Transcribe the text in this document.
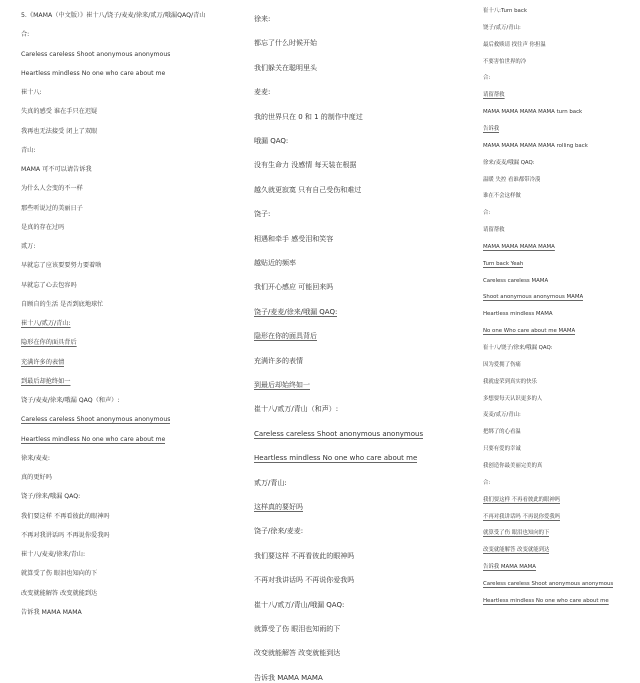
5.《MAMA（中文版）》崔十八/饶子/麦麦/徐来/贰万/哦漏QAQ/青山
合:
Careless careless Shoot anonymous anonymous
Heartless mindless No one who care about me
崔十八:
失真的感受 谁在手只在迟疑
我再也无法接受 闭上了双眼
青山:
MAMA 可不可以请告诉我
为什么人会变的不一样
那些听说过的美丽日子
是真的存在过吗
贰万:
早就忘了应该要要努力要着啥
早就忘了心去包容吗
自顾自的生活 是否到底地球忙
崔十八/贰万/青山:
隐形在你的面具背后
充满许多的表情
到最后却抢终如一
饶子/麦麦/徐来/哦漏 QAQ（和声）:
Careless careless Shoot anonymous anonymous
Heartless mindless No one who care about me
徐来/麦麦:
真的更好吗
饶子/徐来/哦漏 QAQ:
我们要这样 不再看彼此的眼神吗
不再对我讲话吗 不再说你爱我吗
崔十八/麦麦/徐来/青山:
就算受了伤 眼泪也知向的下
改变就能解答 改变就能到达
告诉我 MAMA MAMA
徐来:
都忘了什么时候开始
我们躲关在聪明里头
麦麦:
我的世界只在 0 和 1 的制作中度过
哦漏 QAQ:
没有生命力 没感情 每天装在根据
越久就更寂寞 只有自己受伤和难过
饶子:
相遇和牵手 感受泪和笑容
越贴近的频率
我们开心感应 可能回来吗
饶子/麦麦/徐来/哦漏 QAQ:
隐形在你的面具背后
充满许多的表情
到最后却始终如一
崔十八/贰万/青山（和声）:
Careless careless Shoot anonymous anonymous
Heartless mindless No one who care about me
贰万/青山:
这样真的要好吗
饶子/徐来/麦麦:
我们要这样 不再看彼此的眼神吗
不再对我讲话吗 不再说你爱我吗
崔十八/贰万/青山/哦漏 QAQ:
就算受了伤 眼泪也知雨的下
改变就能解答 改变就能到达
告诉我 MAMA MAMA
崔十八:Turn back
饶子/贰万/青山:
最后救赎请 找往声 你担温
不要害怕世界的冷
合:
请留帮救
MAMA MAMA MAMA MAMA turn back
告诉我
MAMA MAMA MAMA MAMA rolling back
徐来/麦麦/哦漏 QAQ:
温暖 失控 看谁都带冷漠
谁在不会这样做
合:
请留帮救
MAMA MAMA MAMA MAMA
Turn back Yeah
Careless careless MAMA
Shoot anonymous anonymous MAMA
Heartless mindless MAMA
No one Who care about me MAMA
崔十八/饶子/徐来/哦漏 QAQ:
因为爱拥了伤痛
我就虚荣到真实的快乐
多想要每天认识更多的人
麦麦/贰万/青山:
把绑了的心看温
只要有爱的幸诚
我创造你最美丽完美的真
合:
我们要这样 不再看彼此的眼神吗
不再对我讲话吗 不再说你爱我吗
就算受了伤 眼泪也知向的下
改变就能解答 改变就能到达
告诉我 MAMA MAMA
Careless careless Shoot anonymous anonymous
Heartless mindless No one who care about me
